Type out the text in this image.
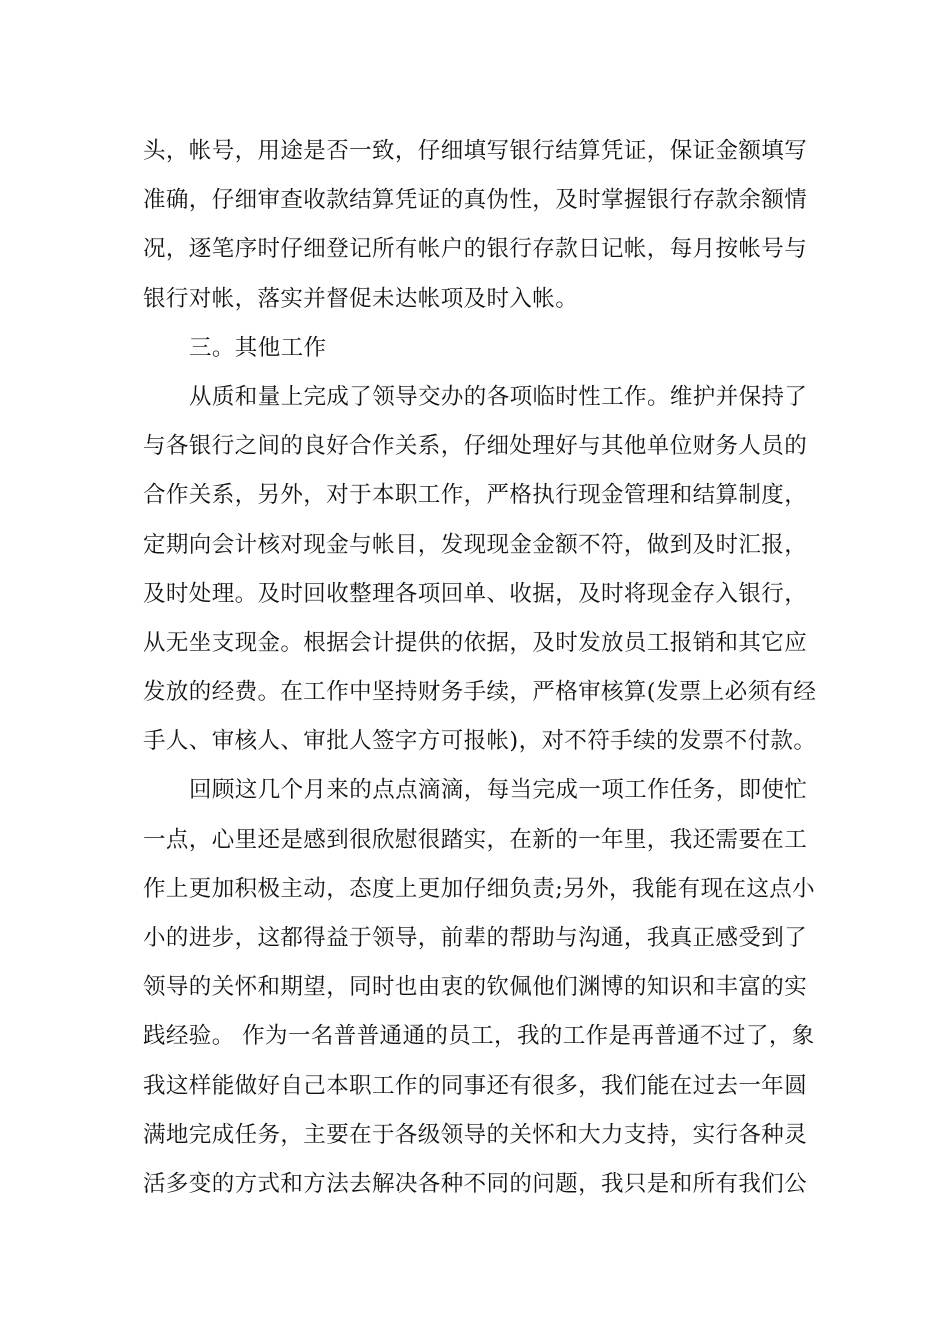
头，帐号，用途是否一致，仔细填写银行结算凭证，保证金额填写
准确，仔细审查收款结算凭证的真伪性，及时掌握银行存款余额情
况，逐笔序时仔细登记所有帐户的银行存款日记帐，每月按帐号与
银行对帐，落实并督促未达帐项及时入帐。
三。其他工作
从质和量上完成了领导交办的各项临时性工作。维护并保持了
与各银行之间的良好合作关系，仔细处理好与其他单位财务人员的
合作关系，另外，对于本职工作，严格执行现金管理和结算制度，
定期向会计核对现金与帐目，发现现金金额不符，做到及时汇报，
及时处理。及时回收整理各项回单、收据，及时将现金存入银行，
从无坐支现金。根据会计提供的依据，及时发放员工报销和其它应
发放的经费。在工作中坚持财务手续，严格审核算(发票上必须有经
手人、审核人、审批人签字方可报帐)，对不符手续的发票不付款。
回顾这几个月来的点点滴滴，每当完成一项工作任务，即使忙
一点，心里还是感到很欣慰很踏实，在新的一年里，我还需要在工
作上更加积极主动，态度上更加仔细负责;另外，我能有现在这点小
小的进步，这都得益于领导，前辈的帮助与沟通，我真正感受到了
领导的关怀和期望，同时也由衷的钦佩他们渊博的知识和丰富的实
践经验。 作为一名普普通通的员工，我的工作是再普通不过了，象
我这样能做好自己本职工作的同事还有很多，我们能在过去一年圆
满地完成任务，主要在于各级领导的关怀和大力支持，实行各种灵
活多变的方式和方法去解决各种不同的问题，我只是和所有我们公
